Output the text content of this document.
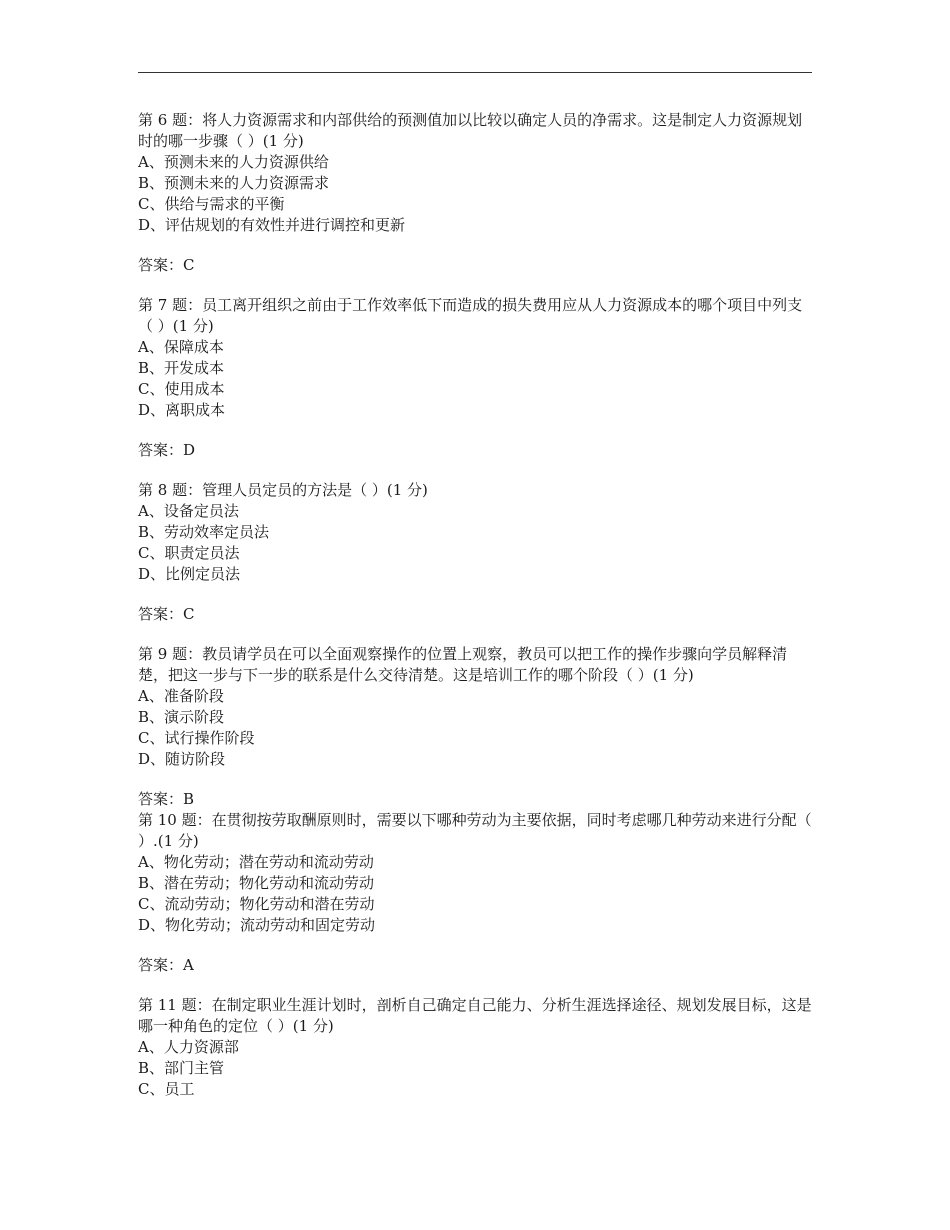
第 6 题：将人力资源需求和内部供给的预测值加以比较以确定人员的净需求。这是制定人力资源规划时的哪一步骤（ ）(1 分)

A、预测未来的人力资源供给

B、预测未来的人力资源需求

C、供给与需求的平衡

D、评估规划的有效性并进行调控和更新

答案：C

第 7 题：员工离开组织之前由于工作效率低下而造成的损失费用应从人力资源成本的哪个项目中列支（ ）(1 分)

A、保障成本

B、开发成本

C、使用成本

D、离职成本

答案：D

第 8 题：管理人员定员的方法是（ ）(1 分)

A、设备定员法

B、劳动效率定员法

C、职责定员法

D、比例定员法

答案：C

第 9 题：教员请学员在可以全面观察操作的位置上观察，教员可以把工作的操作步骤向学员解释清楚，把这一步与下一步的联系是什么交待清楚。这是培训工作的哪个阶段（ ）(1 分)

A、准备阶段

B、演示阶段

C、试行操作阶段

D、随访阶段

答案：B

第 10 题：在贯彻按劳取酬原则时，需要以下哪种劳动为主要依据，同时考虑哪几种劳动来进行分配（ ）.(1 分)

A、物化劳动；潜在劳动和流动劳动

B、潜在劳动；物化劳动和流动劳动

C、流动劳动；物化劳动和潜在劳动

D、物化劳动；流动劳动和固定劳动

答案：A

第 11 题：在制定职业生涯计划时，剖析自己确定自己能力、分析生涯选择途径、规划发展目标，这是哪一种角色的定位（ ）(1 分)

A、人力资源部

B、部门主管

C、员工
